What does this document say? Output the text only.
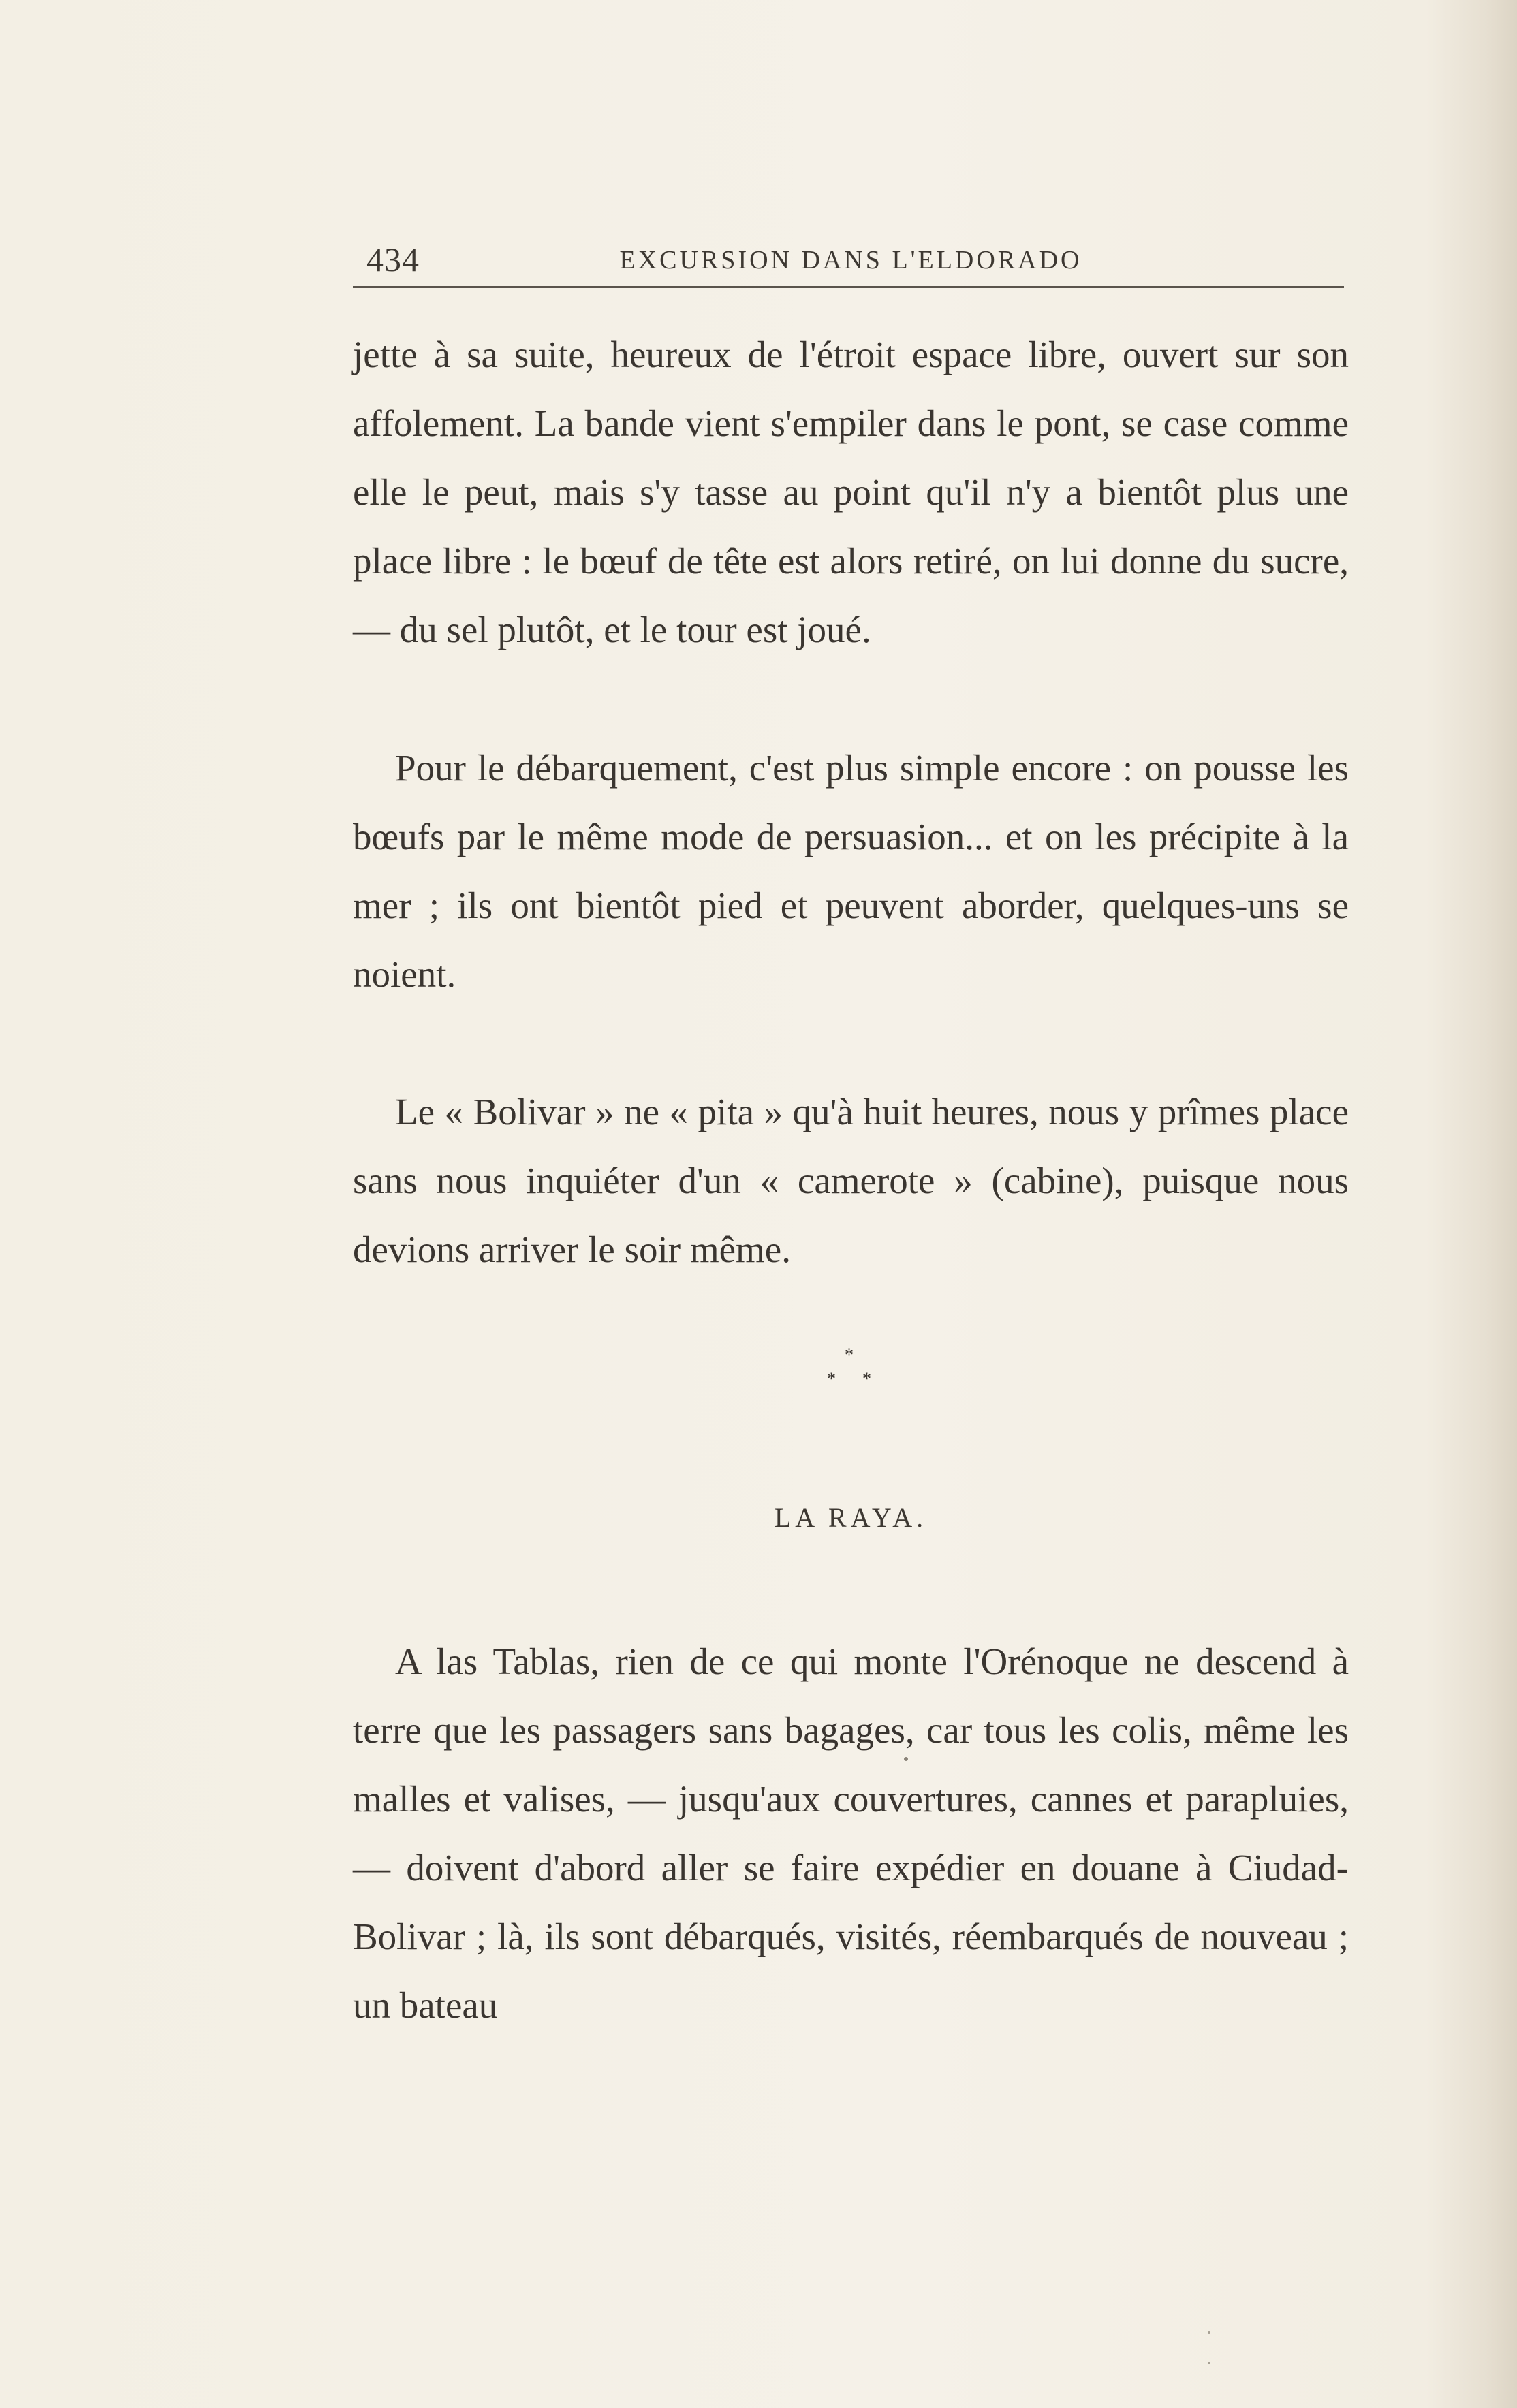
434	EXCURSION DANS L'ELDORADO

jette à sa suite, heureux de l'étroit espace libre, ouvert sur son affolement. La bande vient s'empiler dans le pont, se case comme elle le peut, mais s'y tasse au point qu'il n'y a bientôt plus une place libre : le bœuf de tête est alors retiré, on lui donne du sucre, — du sel plutôt, et le tour est joué.

Pour le débarquement, c'est plus simple encore : on pousse les bœufs par le même mode de persuasion... et on les précipite à la mer ; ils ont bientôt pied et peuvent aborder, quelques-uns se noient.

Le « Bolivar » ne « pita » qu'à huit heures, nous y prîmes place sans nous inquiéter d'un « camerote » (cabine), puisque nous devions arriver le soir même.

*
* *
LA RAYA.

A las Tablas, rien de ce qui monte l'Orénoque ne descend à terre que les passagers sans bagages, car tous les colis, même les malles et valises, — jusqu'aux couvertures, cannes et parapluies, — doivent d'abord aller se faire expédier en douane à Ciudad-Bolivar ; là, ils sont débarqués, visités, réembarqués de nouveau ; un bateau
